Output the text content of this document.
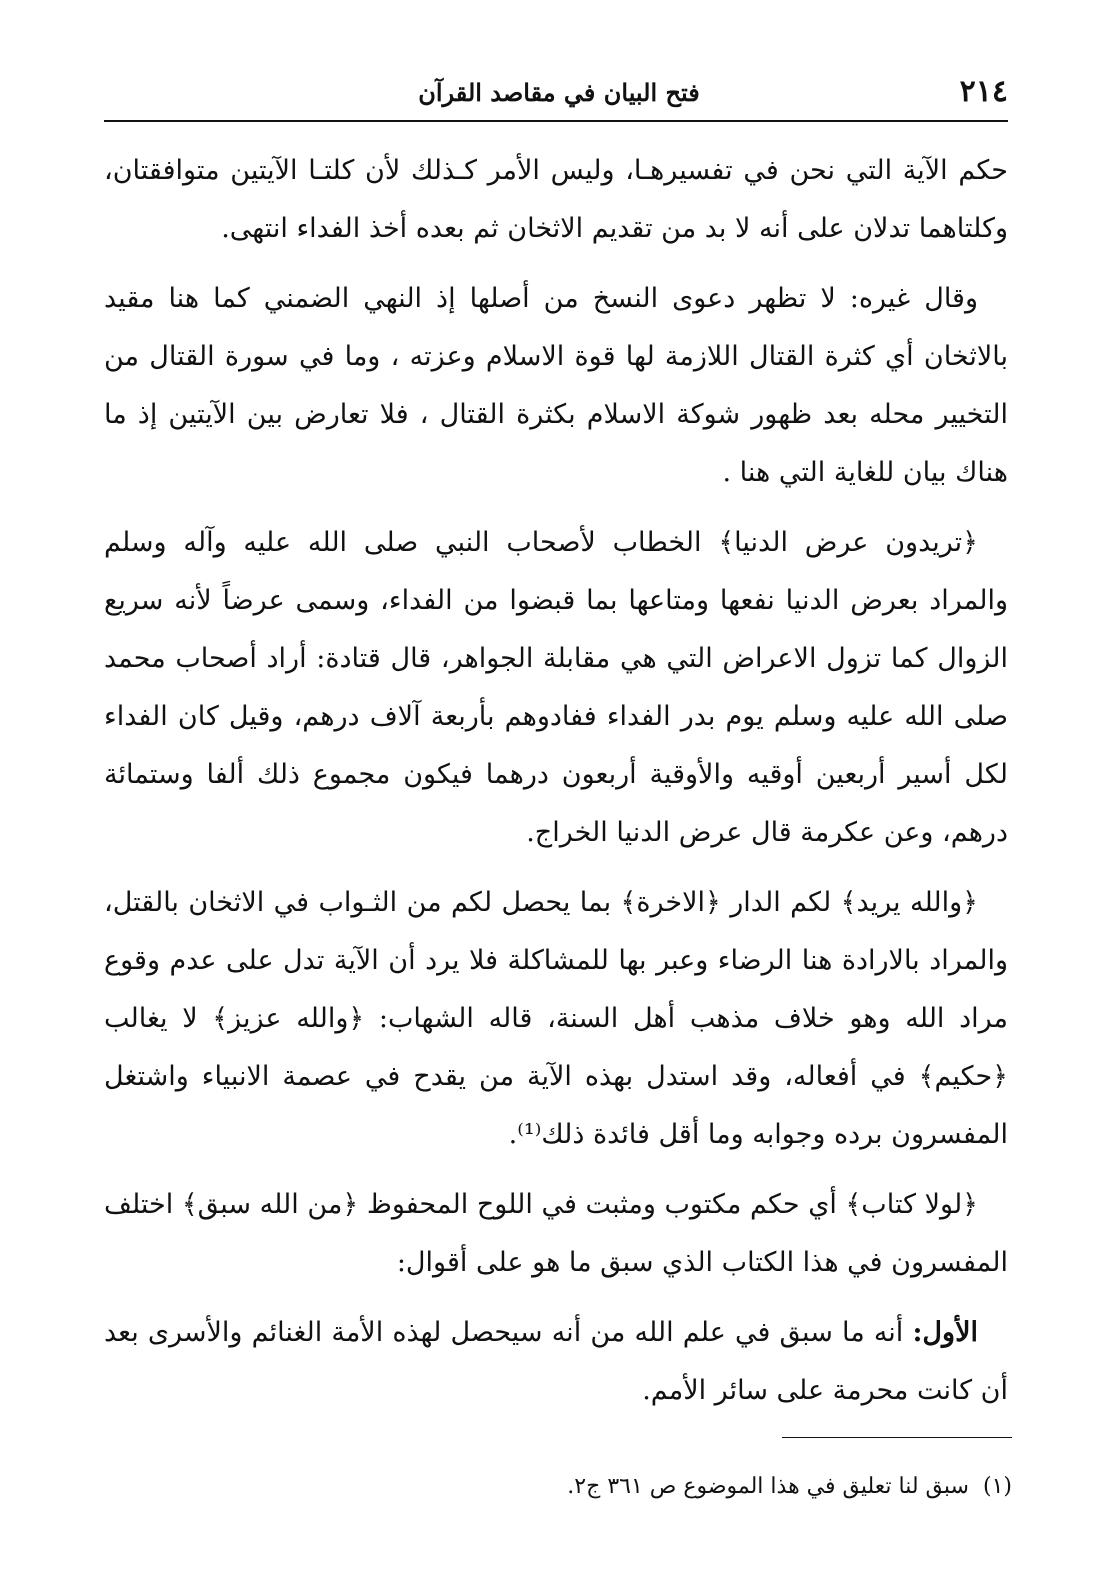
٢١٤
فتح البيان في مقاصد القرآن

حكم الآية التي نحن في تفسيرهـا، وليس الأمر كـذلك لأن كلتـا الآيتين متوافقتان، وكلتاهما تدلان على أنه لا بد من تقديم الاثخان ثم بعده أخذ الفداء انتهى.

وقال غيره: لا تظهر دعوى النسخ من أصلها إذ النهي الضمني كما هنا مقيد بالاثخان أي كثرة القتال اللازمة لها قوة الاسلام وعزته ، وما في سورة القتال من التخيير محله بعد ظهور شوكة الاسلام بكثرة القتال ، فلا تعارض بين الآيتين إذ ما هناك بيان للغاية التي هنا .

﴿تريدون عرض الدنيا﴾ الخطاب لأصحاب النبي صلى الله عليه وآله وسلم والمراد بعرض الدنيا نفعها ومتاعها بما قبضوا من الفداء، وسمى عرضاً لأنه سريع الزوال كما تزول الاعراض التي هي مقابلة الجواهر، قال قتادة: أراد أصحاب محمد صلى الله عليه وسلم يوم بدر الفداء ففادوهم بأربعة آلاف درهم، وقيل كان الفداء لكل أسير أربعين أوقيه والأوقية أربعون درهما فيكون مجموع ذلك ألفا وستمائة درهم، وعن عكرمة قال عرض الدنيا الخراج.

﴿والله يريد﴾ لكم الدار ﴿الاخرة﴾ بما يحصل لكم من الثـواب في الاثخان بالقتل، والمراد بالارادة هنا الرضاء وعبر بها للمشاكلة فلا يرد أن الآية تدل على عدم وقوع مراد الله وهو خلاف مذهب أهل السنة، قاله الشهاب: ﴿والله عزيز﴾ لا يغالب ﴿حكيم﴾ في أفعاله، وقد استدل بهذه الآية من يقدح في عصمة الانبياء واشتغل المفسرون برده وجوابه وما أقل فائدة ذلك⁽¹⁾.

﴿لولا كتاب﴾ أي حكم مكتوب ومثبت في اللوح المحفوظ ﴿من الله سبق﴾ اختلف المفسرون في هذا الكتاب الذي سبق ما هو على أقوال:

الأول: أنه ما سبق في علم الله من أنه سيحصل لهذه الأمة الغنائم والأسرى بعد أن كانت محرمة على سائر الأمم.

(١)سبق لنا تعليق في هذا الموضوع ص ٣٦١ ج٢.
